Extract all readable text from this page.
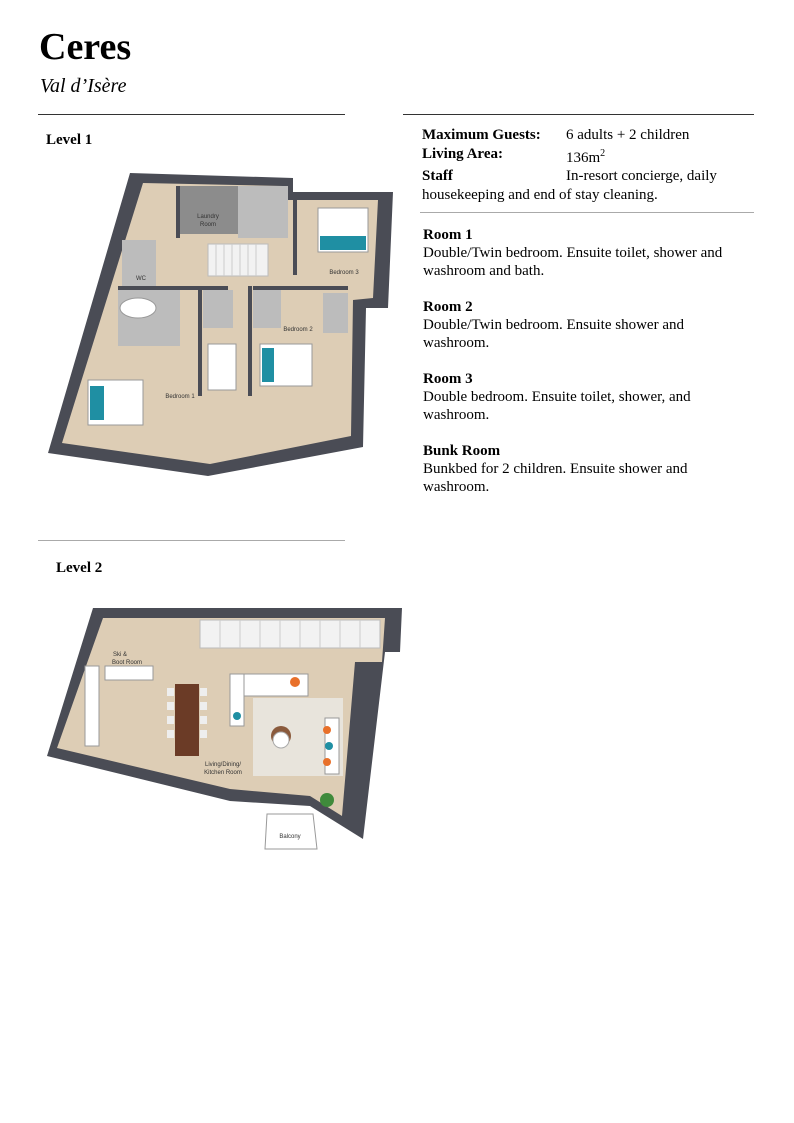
Ceres
Val d’Isère
Level 1
Laundry
Room
WC
Bedroom 1
Bedroom 2
Bedroom 3
Level 2
Ski &
Boot Room
Living/Dining/
Kitchen Room
Balcony
Maximum Guests:	6 adults + 2 children
Living Area:	$136m^2$
Staff	In-resort concierge, daily
housekeeping and end of stay cleaning.
Room 1
Double/Twin bedroom. Ensuite toilet, shower and washroom and bath.
Room 2
Double/Twin bedroom. Ensuite shower and washroom.
Room 3
Double bedroom. Ensuite toilet, shower, and washroom.
Bunk Room
Bunkbed for 2 children. Ensuite shower and washroom.
